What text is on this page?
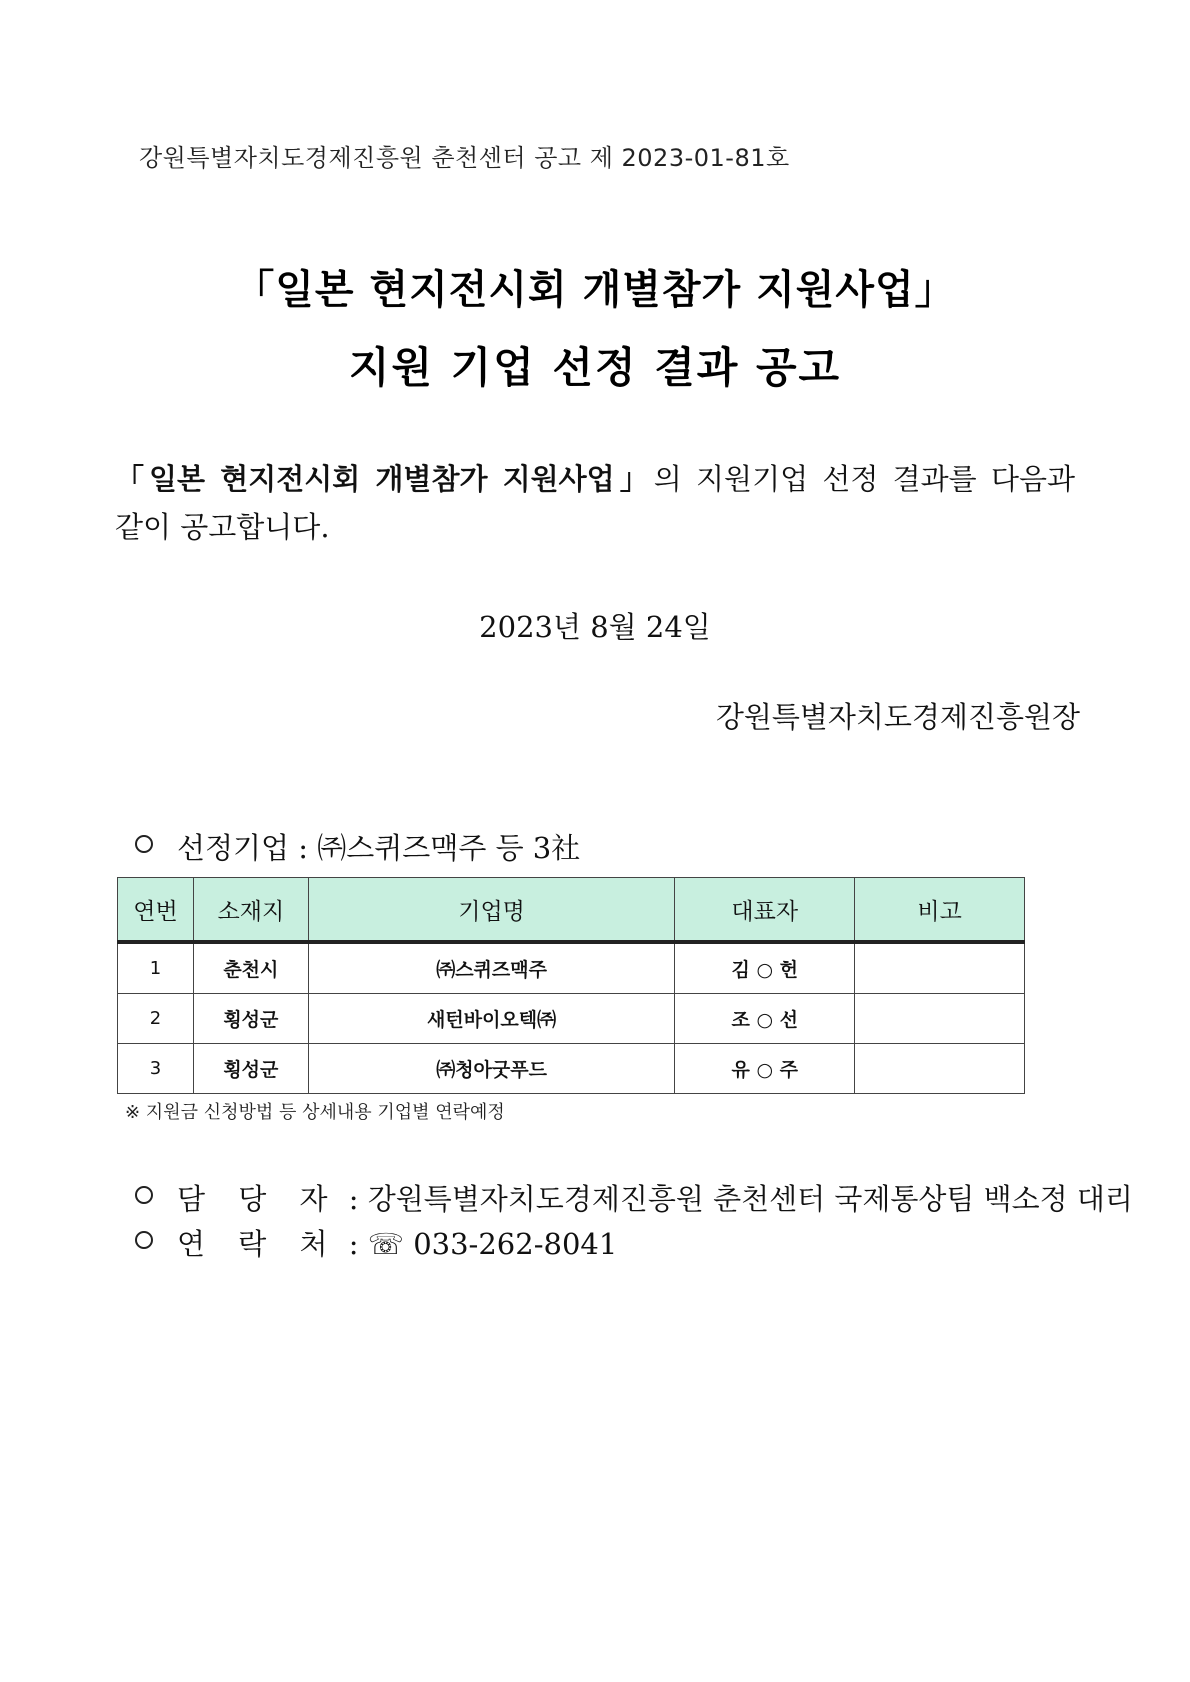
강원특별자치도경제진흥원 춘천센터 공고 제 2023-01-81호
「일본 현지전시회 개별참가 지원사업」
지원 기업 선정 결과 공고
「일본 현지전시회 개별참가 지원사업」의 지원기업 선정 결과를 다음과
같이 공고합니다.
2023년 8월 24일
강원특별자치도경제진흥원장
선정기업 : ㈜스퀴즈맥주 등 3社
연번	소재지	기업명	대표자	비고
1	춘천시	㈜스퀴즈맥주	김 ○ 헌	
2	횡성군	새턴바이오텍㈜	조 ○ 선	
3	횡성군	㈜청아굿푸드	유 ○ 주	
※ 지원금 신청방법 등 상세내용 기업별 연락예정
담 당 자 : 강원특별자치도경제진흥원 춘천센터 국제통상팀 백소정 대리
연 락 처 : ☏ 033-262-8041
